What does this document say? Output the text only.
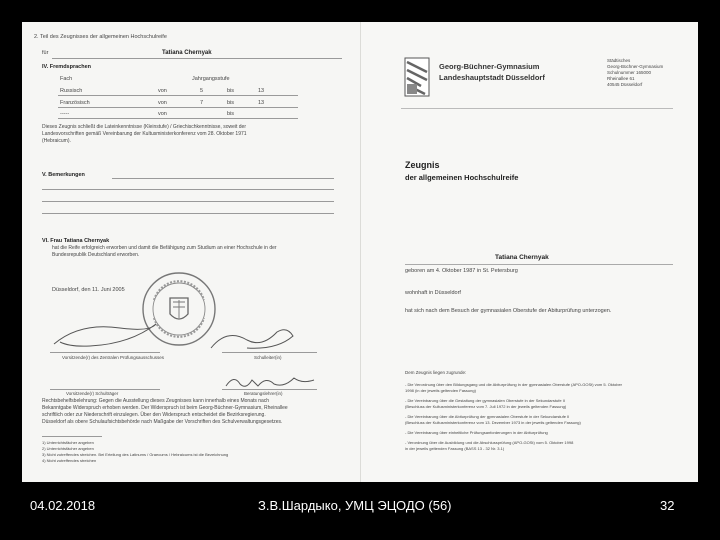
2. Teil des Zeugnisses der allgemeinen Hochschulreife
für	Tatiana Chernyak
IV. Fremdsprachen
Fach	Jahrgangsstufe
Russisch	von	5	bis	13
Französisch	von	7	bis	13
-----	von	bis
Dieses Zeugnis schließt die Lateinkenntnisse (Kleinstufe) / Griechischkenntnisse, soweit der
Landesvorschriften gemäß Vereinbarung der Kultusministerkonferenz vom 28. Oktober 1971
(Hebraicum).
V. Bemerkungen
VI. Frau Tatiana Chernyak
hat die Reife erfolgreich erworben und damit die Befähigung zum Studium an einer Hochschule in der
Bundesrepublik Deutschland erworben.
Düsseldorf, den 11. Juni 2005
Vorsitzende(r) des Zentralen Prüfungsausschusses	Schulleiter(in)
Vorsitzende(r) Schulträger	Beratungslehrer(in)
Rechtsbehelfsbelehrung: Gegen die Ausstellung dieses Zeugnisses kann innerhalb eines Monats nach
Bekanntgabe Widerspruch erhoben werden. Der Widerspruch ist beim Georg-Büchner-Gymnasium, Rheinallee
schriftlich oder zur Niederschrift einzulegen. Über den Widerspruch entscheidet die Bezirksregierung.
Düsseldorf als obere Schulaufsichtsbehörde nach Maßgabe der Vorschriften des Schulverwaltungsgesetzes.
1) Unterrichtsfächer angeben
2) Unterrichtsfächer angeben
3) Nicht zutreffendes streichen. Bei Erteilung des Latinums / Graecums / Hebraicums ist die Bezeichnung
4) Nicht zutreffendes streichen
Georg-Büchner-Gymnasium
Landeshauptstadt Düsseldorf
Städtisches
Georg-Büchner-Gymnasium
Schulnummer 165000
Rheinallee 61
40545 Düsseldorf
Zeugnis
der allgemeinen Hochschulreife
Tatiana Chernyak
geboren am 4. Oktober 1987 in St. Petersburg
wohnhaft in Düsseldorf
hat sich nach dem Besuch der gymnasialen Oberstufe der Abiturprüfung unterzogen.
Dem Zeugnis liegen zugrunde:
- Die Verordnung über den Bildungsgang und die Abiturprüfung in der gymnasialen Oberstufe (APO-GOSt) vom 5. Oktober
1998 (in der jeweils geltenden Fassung)
- Die Vereinbarung über die Gestaltung der gymnasialen Oberstufe in der Sekundarstufe II
(Beschluss der Kultusministerkonferenz vom 7. Juli 1972 in der jeweils geltenden Fassung)
- Die Vereinbarung über die Abiturprüfung der gymnasialen Oberstufe in der Sekundarstufe II
(Beschluss der Kultusministerkonferenz vom 13. Dezember 1973 in der jeweils geltenden Fassung)
- Die Vereinbarung über einheitliche Prüfungsanforderungen in der Abiturprüfung
- Verordnung über die Ausbildung und die Abschlussprüfung (APO-GOSt) vom 5. Oktober 1998
in der jeweils geltenden Fassung (BASS 13 - 32 Nr. 3.1)
04.02.2018	З.В.Шардыко, УМЦ ЭЦОДО (56)	32
